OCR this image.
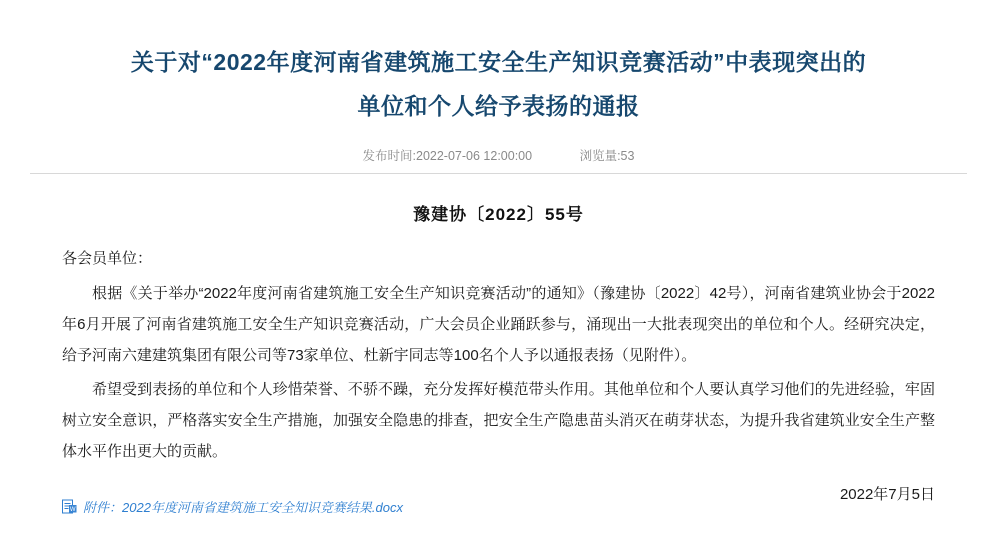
关于对“2022年度河南省建筑施工安全生产知识竞赛活动”中表现突出的单位和个人给予表扬的通报
发布时间:2022-07-06 12:00:00	浏览量:53
豫建协〔2022〕55号

各会员单位：

根据《关于举办“2022年度河南省建筑施工安全生产知识竞赛活动”的通知》（豫建协〔2022〕42号），河南省建筑业协会于2022年6月开展了河南省建筑施工安全生产知识竞赛活动，广大会员企业踊跃参与，涌现出一大批表现突出的单位和个人。经研究决定，给予河南六建建筑集团有限公司等73家单位、杜新宇同志等100名个人予以通报表扬（见附件）。

希望受到表扬的单位和个人珍惜荣誉、不骄不躁，充分发挥好模范带头作用。其他单位和个人要认真学习他们的先进经验，牢固树立安全意识，严格落实安全生产措施，加强安全隐患的排查，把安全生产隐患苗头消灭在萌芽状态，为提升我省建筑业安全生产整体水平作出更大的贡献。

W 附件：2022年度河南省建筑施工安全知识竞赛结果.docx
2022年7月5日
